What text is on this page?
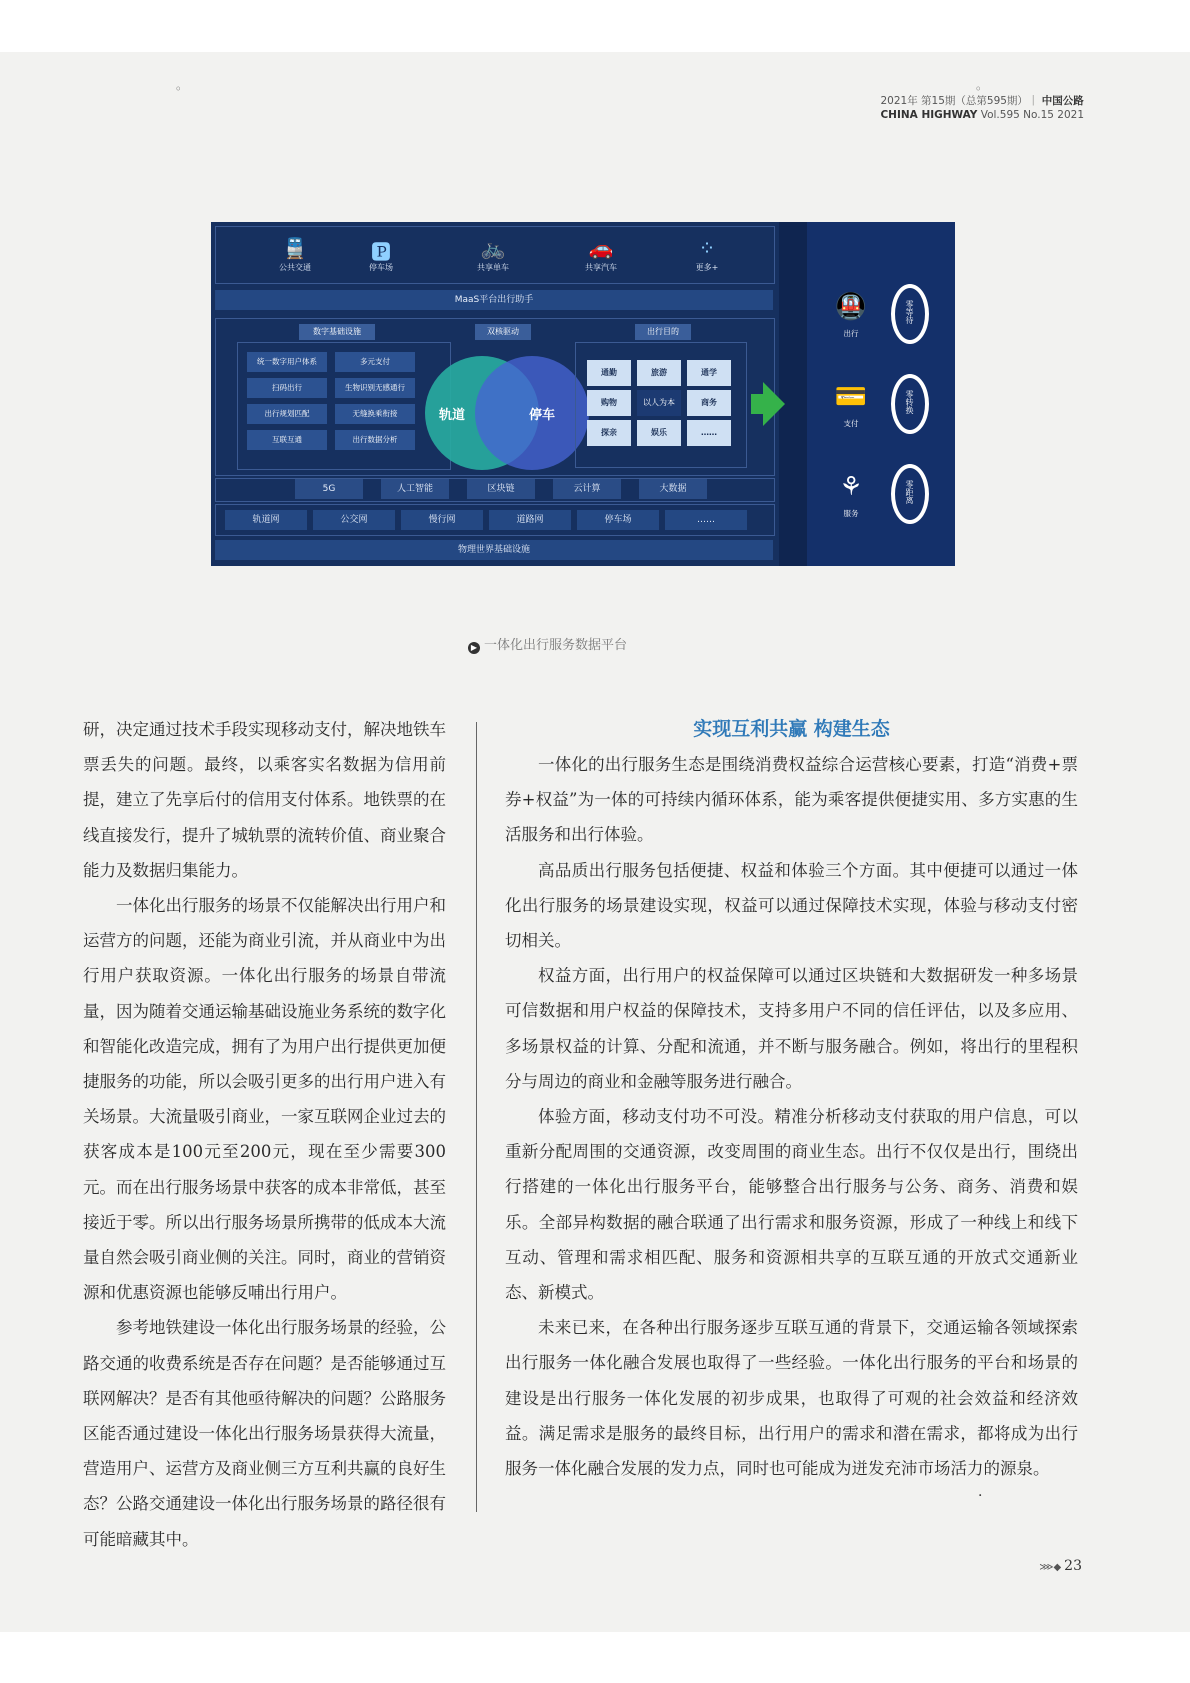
。	。
2021年 第15期（总第595期）｜ 中国公路
CHINA HIGHWAY Vol.595 No.15 2021
🚆
公共交通
🅿
停车场
🚲
共享单车
🚗
共享汽车
⁘
更多+
MaaS平台出行助手
数字基础设施
统一数字用户体系	多元支付
扫码出行	生物识别无感通行
出行规划匹配	无缝换乘衔接
互联互通	出行数据分析
双核驱动
轨道	停车
出行目的
通勤	旅游	通学
购物	以人为本	商务
探亲	娱乐	……
5G	人工智能	区块链	云计算	大数据
轨道网	公交网	慢行网	道路网	停车场	……
物理世界基础设施
🚇
出行
零等待
💳
支付
零转换
⚘
服务
零距离
▶ 一体化出行服务数据平台

研，决定通过技术手段实现移动支付，解决地铁车票丢失的问题。最终，以乘客实名数据为信用前提，建立了先享后付的信用支付体系。地铁票的在线直接发行，提升了城轨票的流转价值、商业聚合能力及数据归集能力。

一体化出行服务的场景不仅能解决出行用户和运营方的问题，还能为商业引流，并从商业中为出行用户获取资源。一体化出行服务的场景自带流量，因为随着交通运输基础设施业务系统的数字化和智能化改造完成，拥有了为用户出行提供更加便捷服务的功能，所以会吸引更多的出行用户进入有关场景。大流量吸引商业，一家互联网企业过去的获客成本是100元至200元，现在至少需要300元。而在出行服务场景中获客的成本非常低，甚至接近于零。所以出行服务场景所携带的低成本大流量自然会吸引商业侧的关注。同时，商业的营销资源和优惠资源也能够反哺出行用户。

参考地铁建设一体化出行服务场景的经验，公路交通的收费系统是否存在问题？是否能够通过互联网解决？是否有其他亟待解决的问题？公路服务区能否通过建设一体化出行服务场景获得大流量，营造用户、运营方及商业侧三方互利共赢的良好生态？公路交通建设一体化出行服务场景的路径很有可能暗藏其中。

实现互利共赢 构建生态

一体化的出行服务生态是围绕消费权益综合运营核心要素，打造“消费+票券+权益”为一体的可持续内循环体系，能为乘客提供便捷实用、多方实惠的生活服务和出行体验。

高品质出行服务包括便捷、权益和体验三个方面。其中便捷可以通过一体化出行服务的场景建设实现，权益可以通过保障技术实现，体验与移动支付密切相关。

权益方面，出行用户的权益保障可以通过区块链和大数据研发一种多场景可信数据和用户权益的保障技术，支持多用户不同的信任评估，以及多应用、多场景权益的计算、分配和流通，并不断与服务融合。例如，将出行的里程积分与周边的商业和金融等服务进行融合。

体验方面，移动支付功不可没。精准分析移动支付获取的用户信息，可以重新分配周围的交通资源，改变周围的商业生态。出行不仅仅是出行，围绕出行搭建的一体化出行服务平台，能够整合出行服务与公务、商务、消费和娱乐。全部异构数据的融合联通了出行需求和服务资源，形成了一种线上和线下互动、管理和需求相匹配、服务和资源相共享的互联互通的开放式交通新业态、新模式。

未来已来，在各种出行服务逐步互联互通的背景下，交通运输各领域探索出行服务一体化融合发展也取得了一些经验。一体化出行服务的平台和场景的建设是出行服务一体化发展的初步成果，也取得了可观的社会效益和经济效益。满足需求是服务的最终目标，出行用户的需求和潜在需求，都将成为出行服务一体化融合发展的发力点，同时也可能成为迸发充沛市场活力的源泉。

·
⋙◆ 23
